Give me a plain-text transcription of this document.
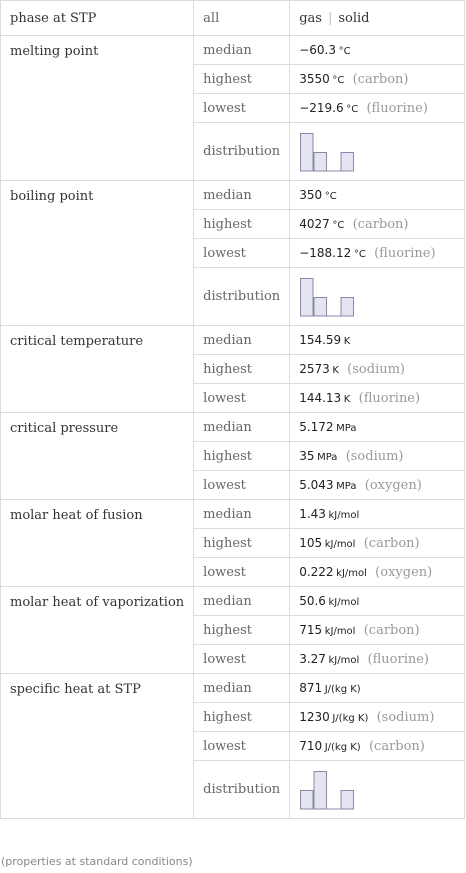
phase at STP	all	gas | solid
melting point	median	−60.3  °C
	highest	3550  °C (carbon)
	lowest	−219.6  °C (fluorine)
	distribution	

boiling point	median	350  °C
	highest	4027  °C (carbon)
	lowest	−188.12  °C (fluorine)
	distribution	

critical temperature	median	154.59  K
	highest	2573  K (sodium)
	lowest	144.13  K (fluorine)
critical pressure	median	5.172  MPa
	highest	35  MPa (sodium)
	lowest	5.043  MPa (oxygen)
molar heat of fusion	median	1.43  kJ/mol
	highest	105  kJ/mol (carbon)
	lowest	0.222  kJ/mol (oxygen)
molar heat of vaporization	median	50.6  kJ/mol
	highest	715  kJ/mol (carbon)
	lowest	3.27  kJ/mol (fluorine)
specific heat at STP	median	871  J/(kg K)
	highest	1230  J/(kg K) (sodium)
	lowest	710  J/(kg K) (carbon)
	distribution	
(properties at standard conditions)
